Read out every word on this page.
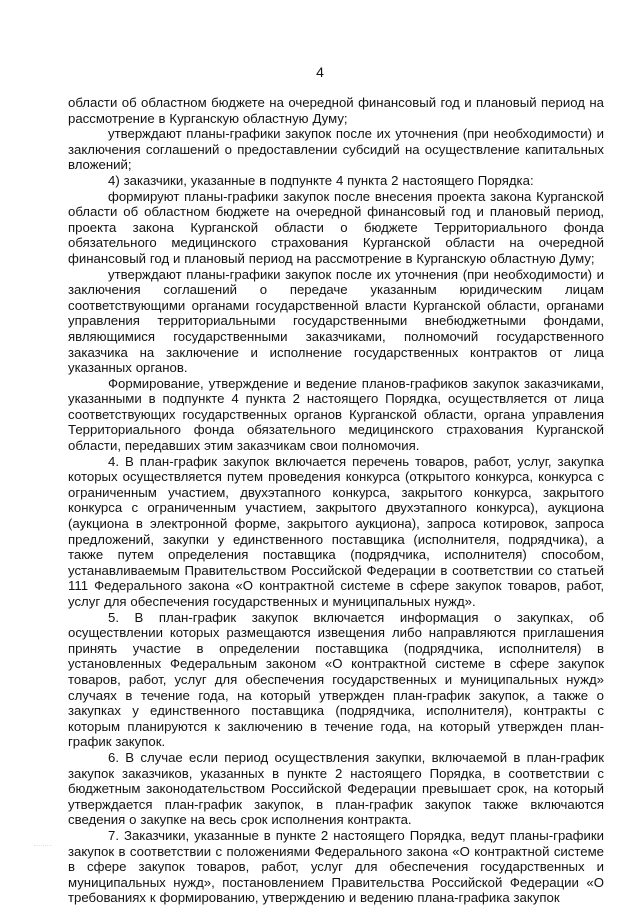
4

области об областном бюджете на очередной финансовый год и плановый период на рассмотрение в Курганскую областную Думу;

утверждают планы-графики закупок после их уточнения (при необходимости) и заключения соглашений о предоставлении субсидий на осуществление капитальных вложений;

4) заказчики, указанные в подпункте 4 пункта 2 настоящего Порядка:

формируют планы-графики закупок после внесения проекта закона Курганской области об областном бюджете на очередной финансовый год и плановый период, проекта закона Курганской области о бюджете Территориального фонда обязательного медицинского страхования Курганской области на очередной финансовый год и плановый период на рассмотрение в Курганскую областную Думу;

утверждают планы-графики закупок после их уточнения (при необходимости) и заключения соглашений о передаче указанным юридическим лицам соответствующими органами государственной власти Курганской области, органами управления территориальными государственными внебюджетными фондами, являющимися государственными заказчиками, полномочий государственного заказчика на заключение и исполнение государственных контрактов от лица указанных органов.

Формирование, утверждение и ведение планов-графиков закупок заказчиками, указанными в подпункте 4 пункта 2 настоящего Порядка, осуществляется от лица соответствующих государственных органов Курганской области, органа управления Территориального фонда обязательного медицинского страхования Курганской области, передавших этим заказчикам свои полномочия.

4. В план-график закупок включается перечень товаров, работ, услуг, закупка которых осуществляется путем проведения конкурса (открытого конкурса, конкурса с ограниченным участием, двухэтапного конкурса, закрытого конкурса, закрытого конкурса с ограниченным участием, закрытого двухэтапного конкурса), аукциона (аукциона в электронной форме, закрытого аукциона), запроса котировок, запроса предложений, закупки у единственного поставщика (исполнителя, подрядчика), а также путем определения поставщика (подрядчика, исполнителя) способом, устанавливаемым Правительством Российской Федерации в соответствии со статьей 111 Федерального закона «О контрактной системе в сфере закупок товаров, работ, услуг для обеспечения государственных и муниципальных нужд».

5. В план-график закупок включается информация о закупках, об осуществлении которых размещаются извещения либо направляются приглашения принять участие в определении поставщика (подрядчика, исполнителя) в установленных Федеральным законом «О контрактной системе в сфере закупок товаров, работ, услуг для обеспечения государственных и муниципальных нужд» случаях в течение года, на который утвержден план-график закупок, а также о закупках у единственного поставщика (подрядчика, исполнителя), контракты с которым планируются к заключению в течение года, на который утвержден план-график закупок.

6. В случае если период осуществления закупки, включаемой в план-график закупок заказчиков, указанных в пункте 2 настоящего Порядка, в соответствии с бюджетным законодательством Российской Федерации превышает срок, на который утверждается план-график закупок, в план-график закупок также включаются сведения о закупке на весь срок исполнения контракта.

7. Заказчики, указанные в пункте 2 настоящего Порядка, ведут планы-графики закупок в соответствии с положениями Федерального закона «О контрактной системе в сфере закупок товаров, работ, услуг для обеспечения государственных и муниципальных нужд», постановлением Правительства Российской Федерации «О требованиях к формированию, утверждению и ведению плана-графика закупок
